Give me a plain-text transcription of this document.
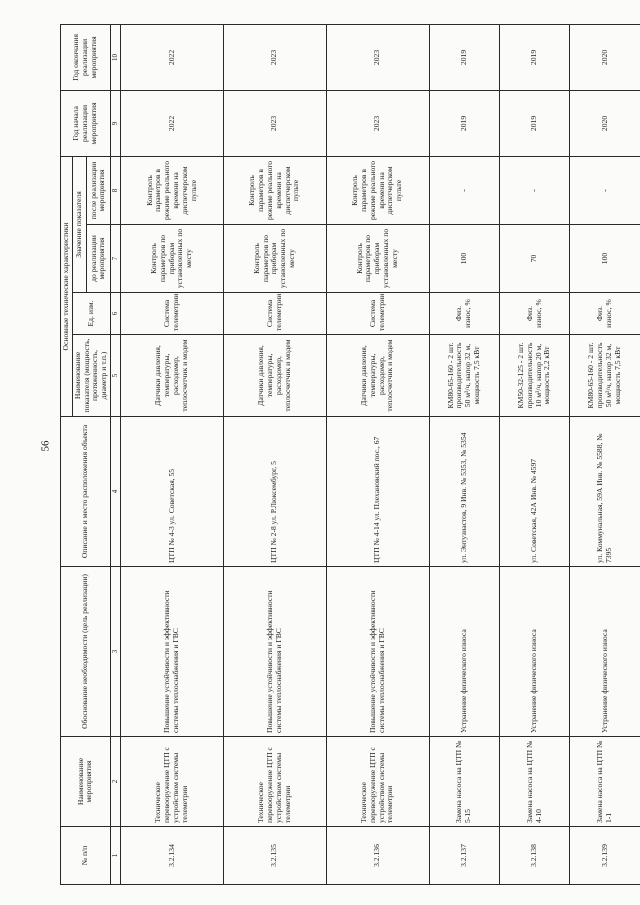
56
№ п/п	Наименование мероприятия	Обоснование необходимости (цель реализации)	Описание и место расположения объекта	Основные технические характеристики				Год начала реализации мероприятия	Год окончания реализации мероприятия
				Наименование показателя (мощность, протяженность, диаметр и т.п.)	Ед. изм.	Значение показателя			
						до реализации мероприятия	после реализации мероприятия		
1	2	3	4	5	6	7	8	9	10
3.2.134	Техническое перевооружение ЦТП с устройством системы телеметрии	Повышение устойчивости и эффективности системы теплоснабжения и ГВС	ЦТП № 4-3 ул. Советская, 55	Датчики давления, температуры, расходомер, теплосчетчик и модем	Система телеметрии	Контроль параметров по приборам установленных по месту	Контроль параметров в режиме реального времени на диспетчерском пульте	2022	2022
3.2.135	Техническое перевооружение ЦТП с устройством системы телеметрии	Повышение устойчивости и эффективности системы теплоснабжения и ГВС	ЦТП № 2-8 ул. Р.Люксембург, 5	Датчики давления, температуры, расходомер, теплосчетчик и модем	Система телеметрии	Контроль параметров по приборам установленных по месту	Контроль параметров в режиме реального времени на диспетчерском пульте	2023	2023
3.2.136	Техническое перевооружение ЦТП с устройством системы телеметрии	Повышение устойчивости и эффективности системы теплоснабжения и ГВС	ЦТП № 4-14 ул. Плехановский пос., 67	Датчики давления, температуры, расходомер, теплосчетчик и модем	Система телеметрии	Контроль параметров по приборам установленных по месту	Контроль параметров в режиме реального времени на диспетчерском пульте	2023	2023
3.2.137	Замена насоса на ЦТП № 5-15	Устранение физического износа	ул. Энтузиастов, 9 Инв. № 5353, № 5354	КМ80-65-160 - 2 шт. производительность 50 м³/ч, напор 32 м, мощность 7,5 кВт	Физ. износ, %	100	-	2019	2019
3.2.138	Замена насоса на ЦТП № 4-10	Устранение физического износа	ул. Советская, 42А Инв. № 4597	КМ50-32-125 - 2 шт. производительность 10 м³/ч, напор 20 м, мощность 2,2 кВт	Физ. износ, %	70	-	2019	2019
3.2.139	Замена насоса на ЦТП № 1-1	Устранение физического износа	ул. Коммунальная, 59А Инв. № 5588, № 7395	КМ80-65-160 - 2 шт. производительность 50 м³/ч, напор 32 м, мощность 7,5 кВт	Физ. износ, %	100	-	2020	2020
